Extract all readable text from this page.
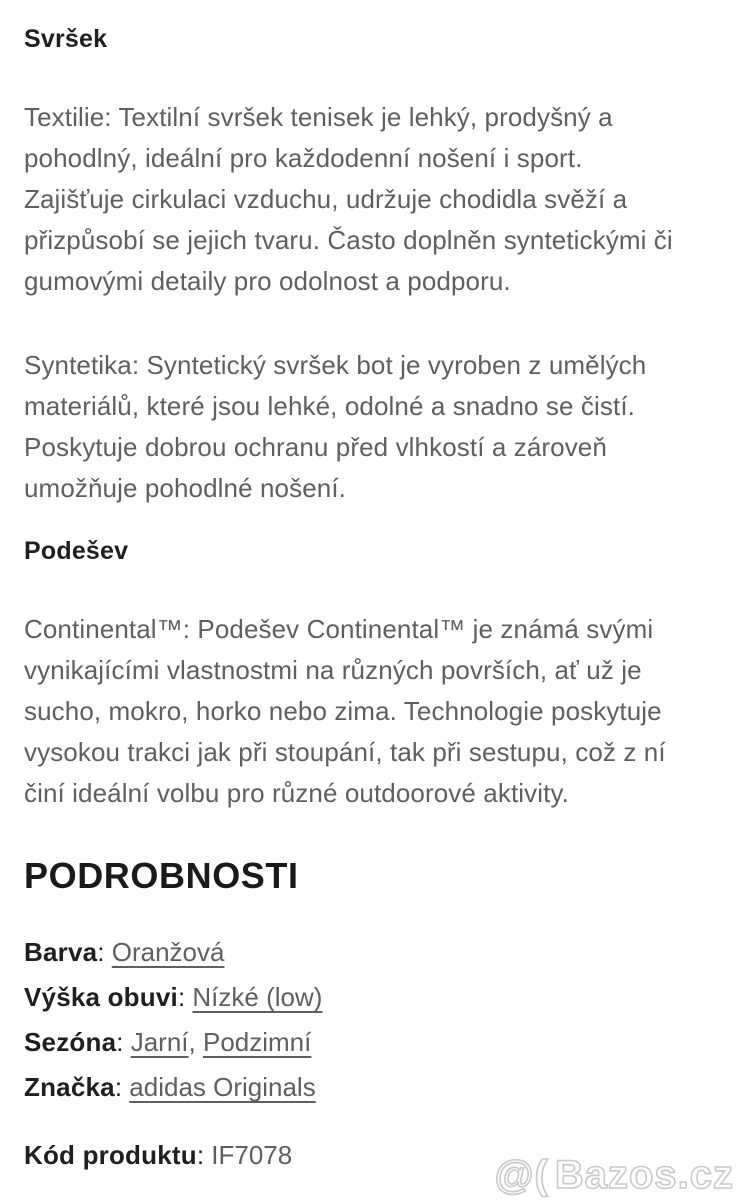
Svršek

Textilie: Textilní svršek tenisek je lehký, prodyšný a pohodlný, ideální pro každodenní nošení i sport. Zajišťuje cirkulaci vzduchu, udržuje chodidla svěží a přizpůsobí se jejich tvaru. Často doplněn syntetickými či gumovými detaily pro odolnost a podporu.

Syntetika: Syntetický svršek bot je vyroben z umělých materiálů, které jsou lehké, odolné a snadno se čistí. Poskytuje dobrou ochranu před vlhkostí a zároveň umožňuje pohodlné nošení.

Podešev

Continental™: Podešev Continental™ je známá svými vynikajícími vlastnostmi na různých površích, ať už je sucho, mokro, horko nebo zima. Technologie poskytuje vysokou trakci jak při stoupání, tak při sestupu, což z ní činí ideální volbu pro různé outdoorové aktivity.

PODROBNOSTI
Barva: Oranžová
Výška obuvi: Nízké (low)
Sezóna: Jarní, Podzimní
Značka: adidas Originals
Kód produktu: IF7078	@( Bazos.cz
